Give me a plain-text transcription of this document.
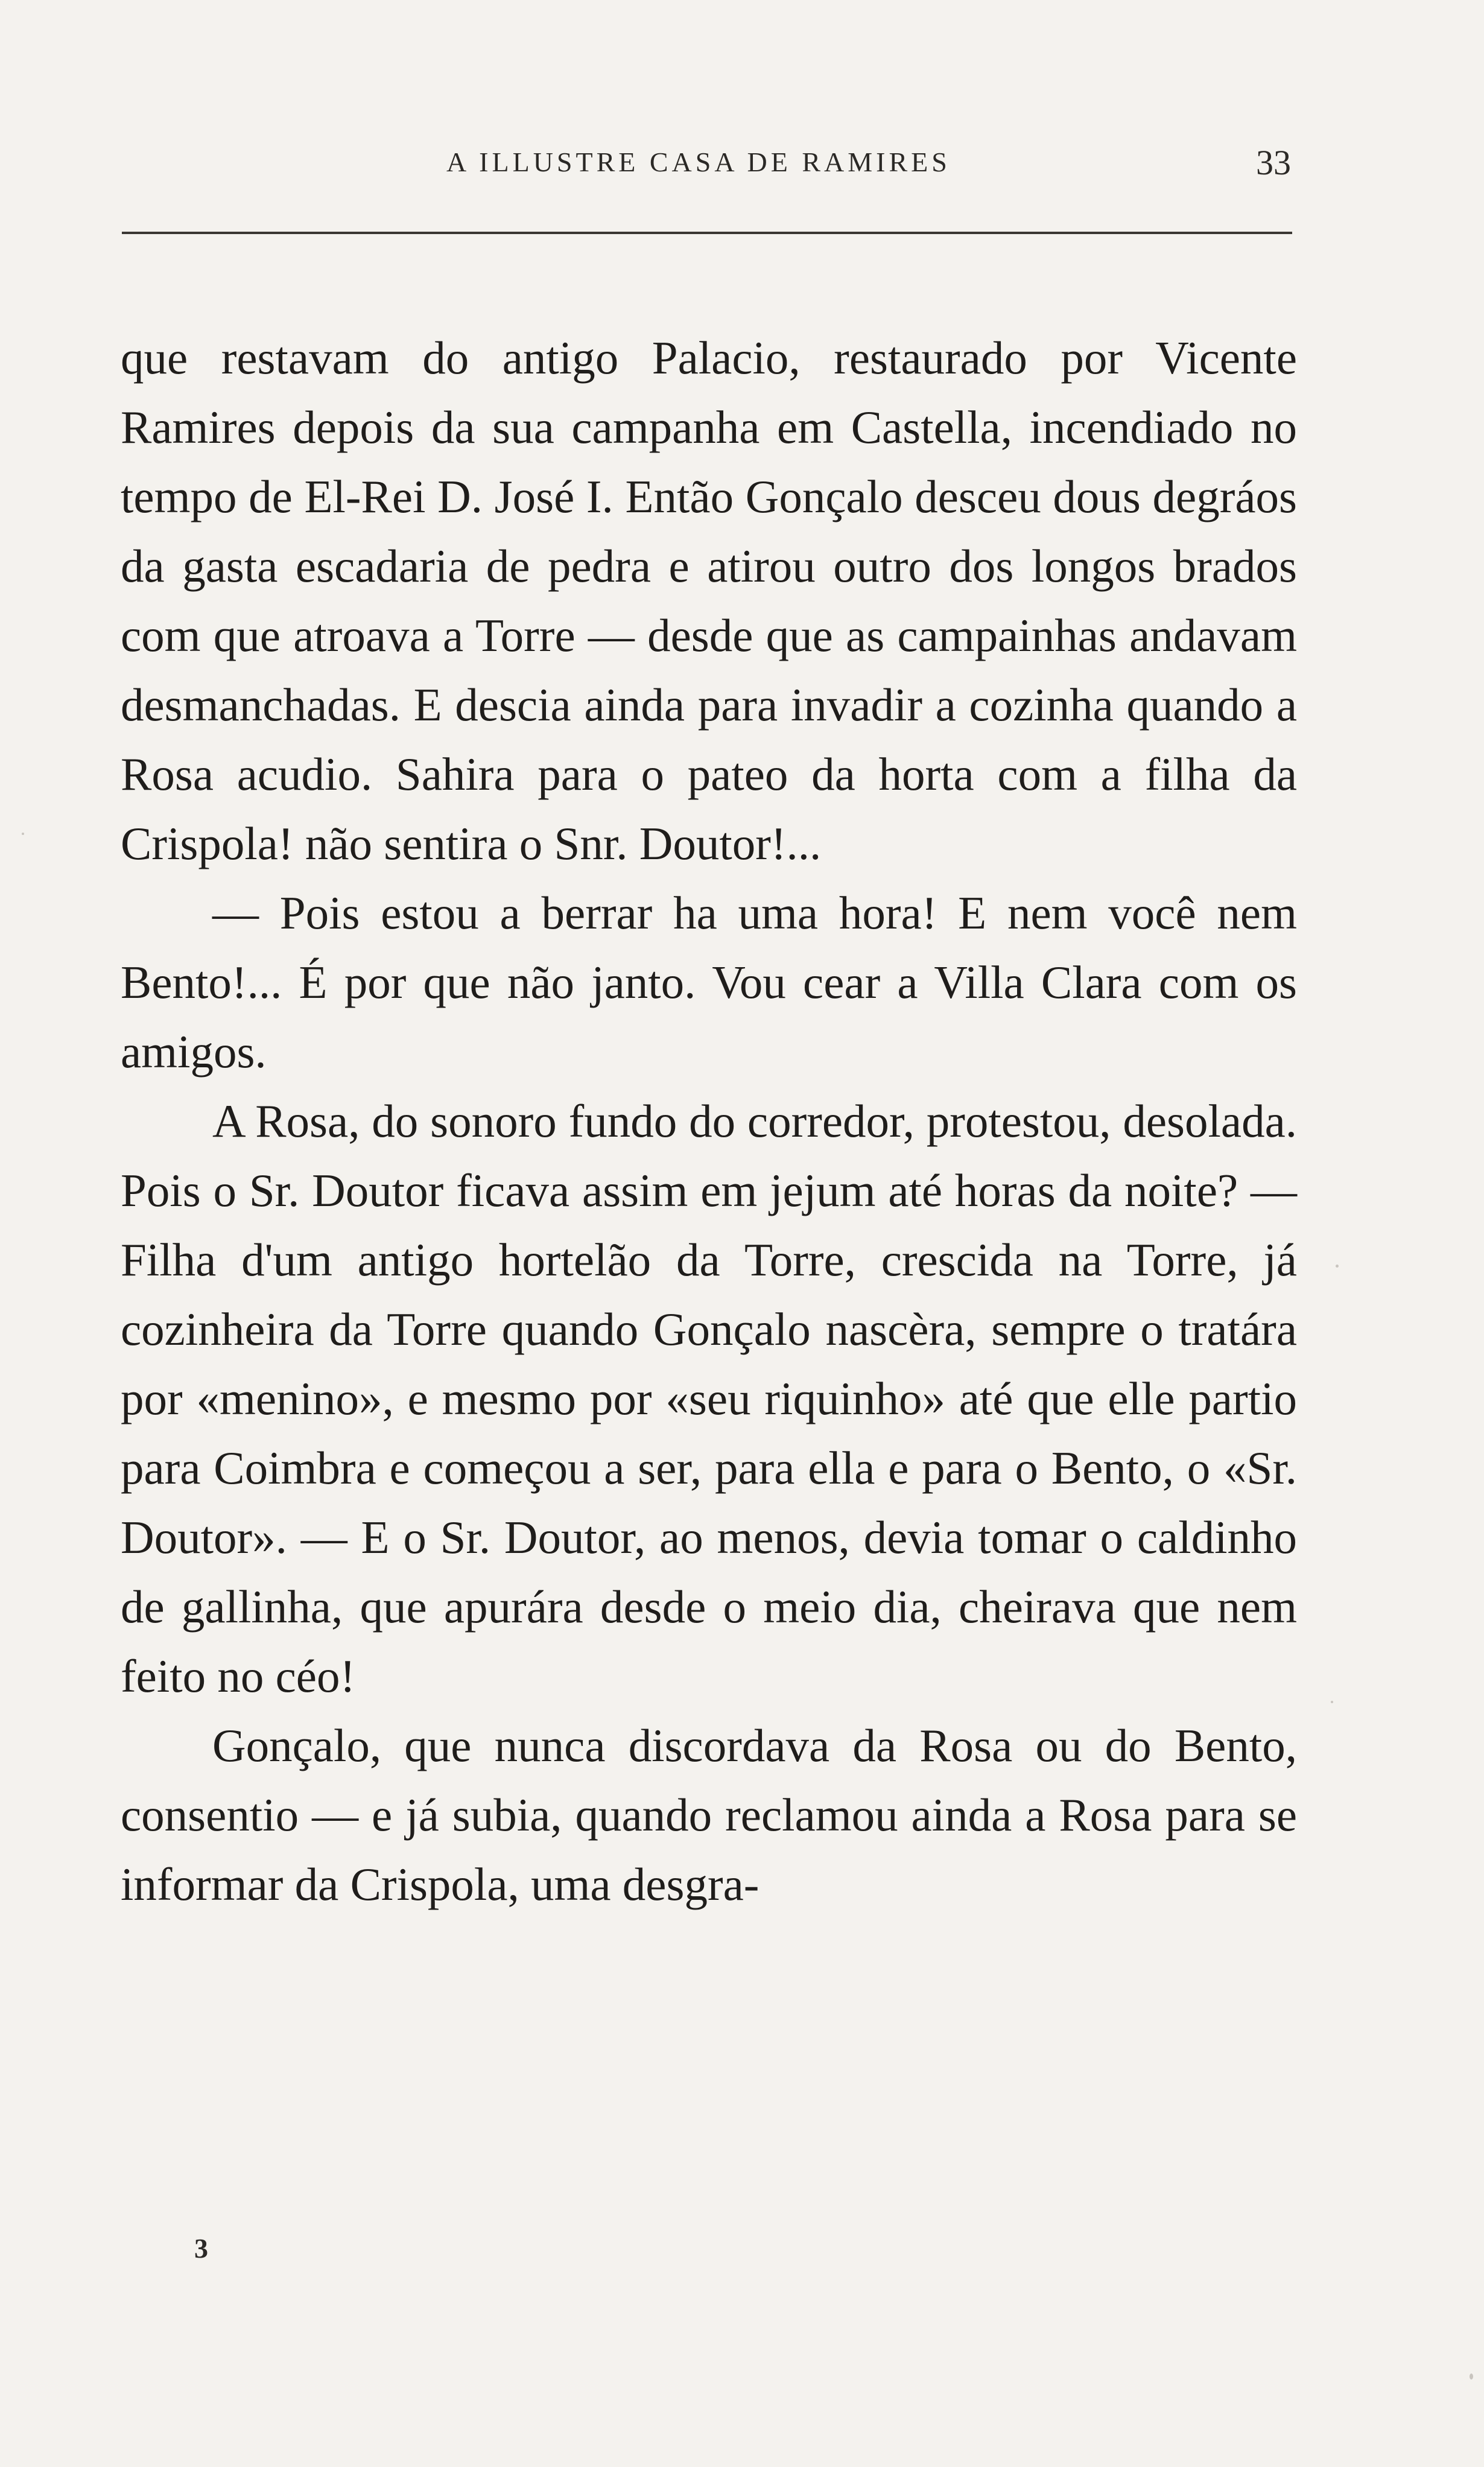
A ILLUSTRE CASA DE RAMIRES	33

que restavam do antigo Palacio, restaurado por Vicente Ramires depois da sua campanha em Castella, incendiado no tempo de El-Rei D. José I. Então Gonçalo desceu dous degráos da gasta escadaria de pedra e atirou outro dos longos brados com que atroava a Torre — desde que as campainhas andavam desmanchadas. E descia ainda para invadir a cozinha quando a Rosa acudio. Sahira para o pateo da horta com a filha da Crispola! não sentira o Snr. Doutor!...

— Pois estou a berrar ha uma hora! E nem você nem Bento!... É por que não janto. Vou cear a Villa Clara com os amigos.

A Rosa, do sonoro fundo do corredor, protestou, desolada. Pois o Sr. Doutor ficava assim em jejum até horas da noite? — Filha d'um antigo hortelão da Torre, crescida na Torre, já cozinheira da Torre quando Gonçalo nascèra, sempre o tratára por «menino», e mesmo por «seu riquinho» até que elle partio para Coimbra e começou a ser, para ella e para o Bento, o «Sr. Doutor». — E o Sr. Doutor, ao menos, devia tomar o caldinho de gallinha, que apurára desde o meio dia, cheirava que nem feito no céo!

Gonçalo, que nunca discordava da Rosa ou do Bento, consentio — e já subia, quando reclamou ainda a Rosa para se informar da Crispola, uma desgra-

3
